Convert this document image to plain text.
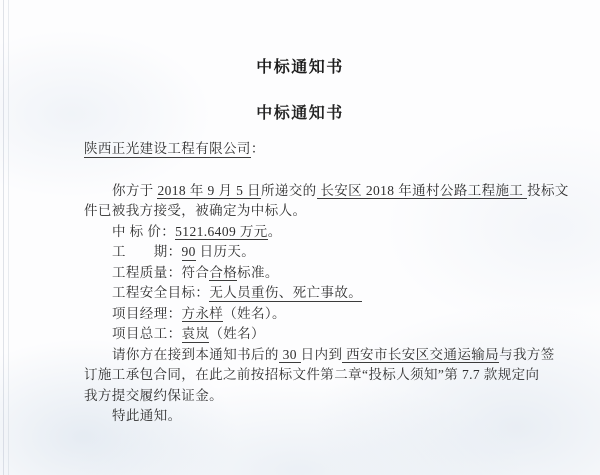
中标通知书
中标通知书
陕西正光建设工程有限公司：
你方于 2018 年 9 月 5 日所递交的 长安区 2018 年通村公路工程施工 投标文
件已被我方接受，被确定为中标人。
中 标 价：5121.6409 万元。
工　　期：90 日历天。
工程质量：符合合格标准。
工程安全目标：无人员重伤、死亡事故。
项目经理：方永样（姓名）。
项目总工：袁岚（姓名）
请你方在接到本通知书后的 30 日内到 西安市长安区交通运输局与我方签
订施工承包合同，在此之前按招标文件第二章“投标人须知”第 7.7 款规定向
我方提交履约保证金。
特此通知。
